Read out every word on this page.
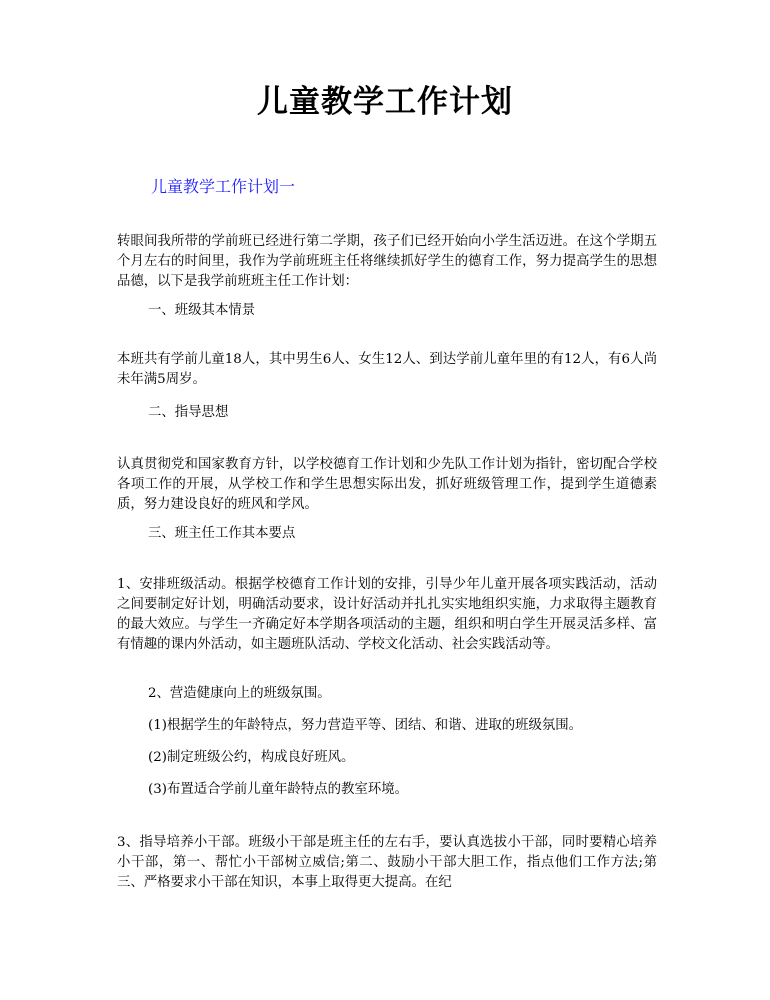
儿童教学工作计划
儿童教学工作计划一
转眼间我所带的学前班已经进行第二学期，孩子们已经开始向小学生活迈进。在这个学期五个月左右的时间里，我作为学前班班主任将继续抓好学生的德育工作，努力提高学生的思想品德，以下是我学前班班主任工作计划：
一、班级其本情景
本班共有学前儿童18人，其中男生6人、女生12人、到达学前儿童年里的有12人，有6人尚未年满5周岁。
二、指导思想
认真贯彻党和国家教育方针，以学校德育工作计划和少先队工作计划为指针，密切配合学校各项工作的开展，从学校工作和学生思想实际出发，抓好班级管理工作，提到学生道德素质，努力建设良好的班风和学风。
三、班主任工作其本要点
1、安排班级活动。根据学校德育工作计划的安排，引导少年儿童开展各项实践活动，活动之间要制定好计划，明确活动要求，设计好活动并扎扎实实地组织实施，力求取得主题教育的最大效应。与学生一齐确定好本学期各项活动的主题，组织和明白学生开展灵活多样、富有情趣的课内外活动，如主题班队活动、学校文化活动、社会实践活动等。
2、营造健康向上的班级氛围。
(1)根据学生的年龄特点，努力营造平等、团结、和谐、进取的班级氛围。
(2)制定班级公约，构成良好班风。
(3)布置适合学前儿童年龄特点的教室环境。
3、指导培养小干部。班级小干部是班主任的左右手，要认真选拔小干部，同时要精心培养小干部，第一、帮忙小干部树立威信;第二、鼓励小干部大胆工作，指点他们工作方法;第三、严格要求小干部在知识，本事上取得更大提高。在纪
